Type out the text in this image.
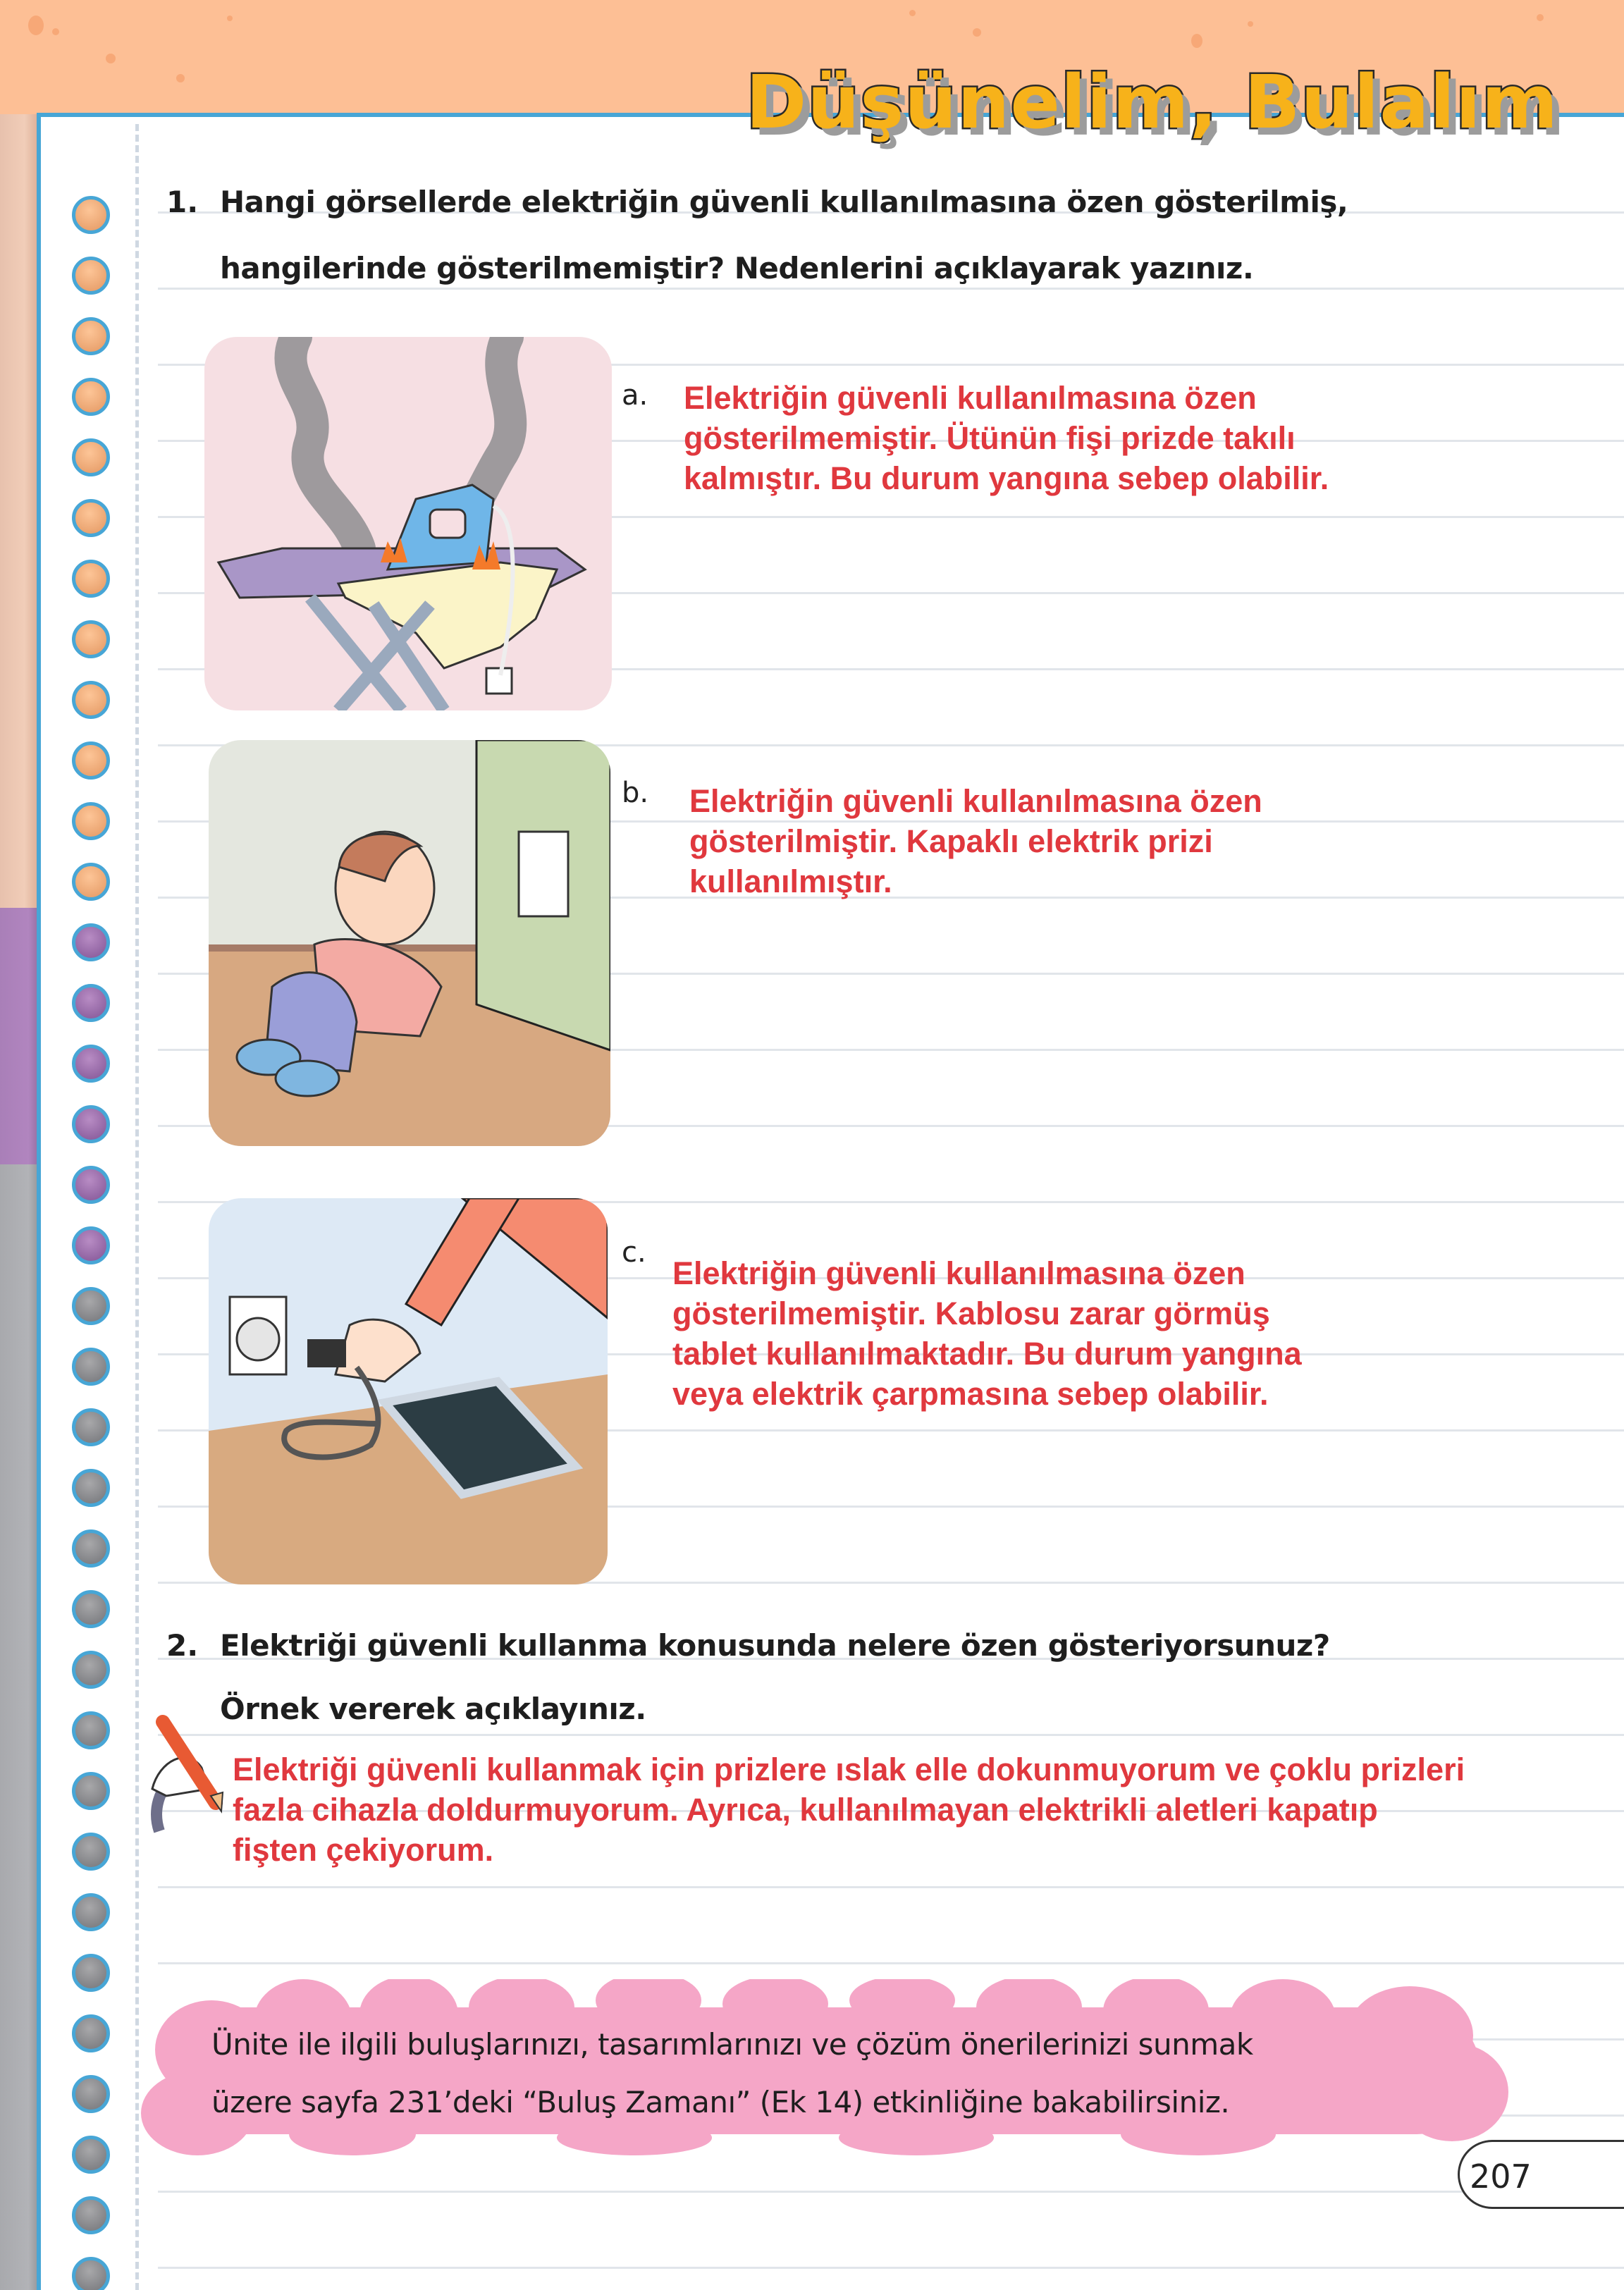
Düşünelim, Bulalım
1. Hangi görsellerde elektriğin güvenli kullanılmasına özen gösterilmiş,
hangilerinde gösterilmemiştir? Nedenlerini açıklayarak yazınız.
a. Elektriğin güvenli kullanılmasına özen
gösterilmemiştir. Ütünün fişi prizde takılı
kalmıştır. Bu durum yangına sebep olabilir.
b. Elektriğin güvenli kullanılmasına özen
gösterilmiştir. Kapaklı elektrik prizi
kullanılmıştır.
c.
Elektriğin güvenli kullanılmasına özen
gösterilmemiştir. Kablosu zarar görmüş
tablet kullanılmaktadır. Bu durum yangına
veya elektrik çarpmasına sebep olabilir.
2. Elektriği güvenli kullanma konusunda nelere özen gösteriyorsunuz?
Örnek vererek açıklayınız.
Elektriği güvenli kullanmak için prizlere ıslak elle dokunmuyorum ve çoklu prizleri
fazla cihazla doldurmuyorum. Ayrıca, kullanılmayan elektrikli aletleri kapatıp
fişten çekiyorum.
Ünite ile ilgili buluşlarınızı, tasarımlarınızı ve çözüm önerilerinizi sunmak
üzere sayfa 231’deki “Buluş Zamanı” (Ek 14) etkinliğine bakabilirsiniz.
207
